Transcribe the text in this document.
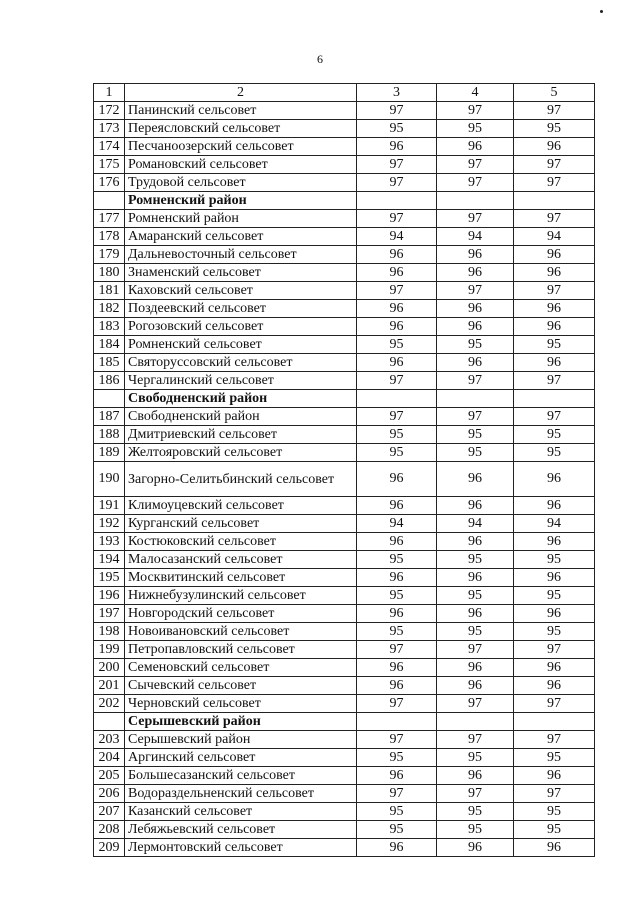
6
1	2	3	4	5
172	Панинский сельсовет	97	97	97
173	Переясловский сельсовет	95	95	95
174	Песчаноозерский сельсовет	96	96	96
175	Романовский сельсовет	97	97	97
176	Трудовой сельсовет	97	97	97
	Ромненский район			
177	Ромненский район	97	97	97
178	Амаранский сельсовет	94	94	94
179	Дальневосточный сельсовет	96	96	96
180	Знаменский сельсовет	96	96	96
181	Каховский сельсовет	97	97	97
182	Поздеевский сельсовет	96	96	96
183	Рогозовский сельсовет	96	96	96
184	Ромненский сельсовет	95	95	95
185	Святоруссовский сельсовет	96	96	96
186	Чергалинский сельсовет	97	97	97
	Свободненский район			
187	Свободненский район	97	97	97
188	Дмитриевский сельсовет	95	95	95
189	Желтояровский сельсовет	95	95	95
190	Загорно-Селитьбинский сельсовет	96	96	96
191	Климоуцевский сельсовет	96	96	96
192	Курганский сельсовет	94	94	94
193	Костюковский сельсовет	96	96	96
194	Малосазанский сельсовет	95	95	95
195	Москвитинский сельсовет	96	96	96
196	Нижнебузулинский сельсовет	95	95	95
197	Новгородский сельсовет	96	96	96
198	Новоивановский сельсовет	95	95	95
199	Петропавловский сельсовет	97	97	97
200	Семеновский сельсовет	96	96	96
201	Сычевский сельсовет	96	96	96
202	Черновский сельсовет	97	97	97
	Серышевский район			
203	Серышевский район	97	97	97
204	Аргинский сельсовет	95	95	95
205	Большесазанский сельсовет	96	96	96
206	Водораздельненский сельсовет	97	97	97
207	Казанский сельсовет	95	95	95
208	Лебяжьевский сельсовет	95	95	95
209	Лермонтовский сельсовет	96	96	96
